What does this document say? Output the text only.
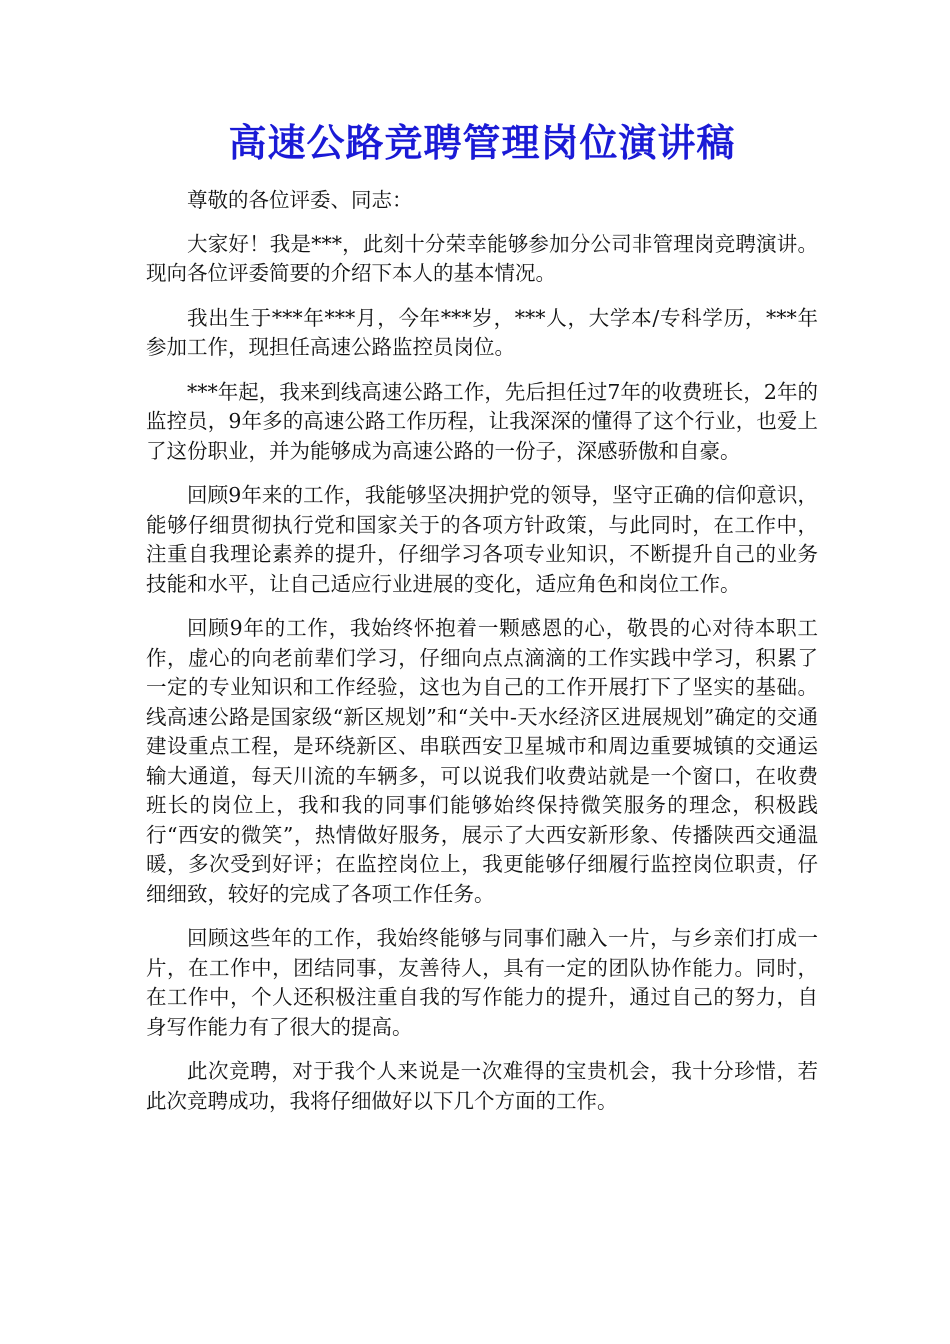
高速公路竞聘管理岗位演讲稿

尊敬的各位评委、同志：

大家好！我是***，此刻十分荣幸能够参加分公司非管理岗竞聘演讲。现向各位评委简要的介绍下本人的基本情况。

我出生于***年***月，今年***岁，***人，大学本/专科学历，***年参加工作，现担任高速公路监控员岗位。

***年起，我来到线高速公路工作，先后担任过7年的收费班长，2年的监控员，9年多的高速公路工作历程，让我深深的懂得了这个行业，也爱上了这份职业，并为能够成为高速公路的一份子，深感骄傲和自豪。

回顾9年来的工作，我能够坚决拥护党的领导，坚守正确的信仰意识，能够仔细贯彻执行党和国家关于的各项方针政策，与此同时，在工作中，注重自我理论素养的提升，仔细学习各项专业知识，不断提升自己的业务技能和水平，让自己适应行业进展的变化，适应角色和岗位工作。

回顾9年的工作，我始终怀抱着一颗感恩的心，敬畏的心对待本职工作，虚心的向老前辈们学习，仔细向点点滴滴的工作实践中学习，积累了一定的专业知识和工作经验，这也为自己的工作开展打下了坚实的基础。线高速公路是国家级“新区规划”和“关中-天水经济区进展规划”确定的交通建设重点工程，是环绕新区、串联西安卫星城市和周边重要城镇的交通运输大通道，每天川流的车辆多，可以说我们收费站就是一个窗口，在收费班长的岗位上，我和我的同事们能够始终保持微笑服务的理念，积极践行“西安的微笑”，热情做好服务，展示了大西安新形象、传播陕西交通温暖，多次受到好评；在监控岗位上，我更能够仔细履行监控岗位职责，仔细细致，较好的完成了各项工作任务。

回顾这些年的工作，我始终能够与同事们融入一片，与乡亲们打成一片，在工作中，团结同事，友善待人，具有一定的团队协作能力。同时，在工作中，个人还积极注重自我的写作能力的提升，通过自己的努力，自身写作能力有了很大的提高。

此次竞聘，对于我个人来说是一次难得的宝贵机会，我十分珍惜，若此次竞聘成功，我将仔细做好以下几个方面的工作。
